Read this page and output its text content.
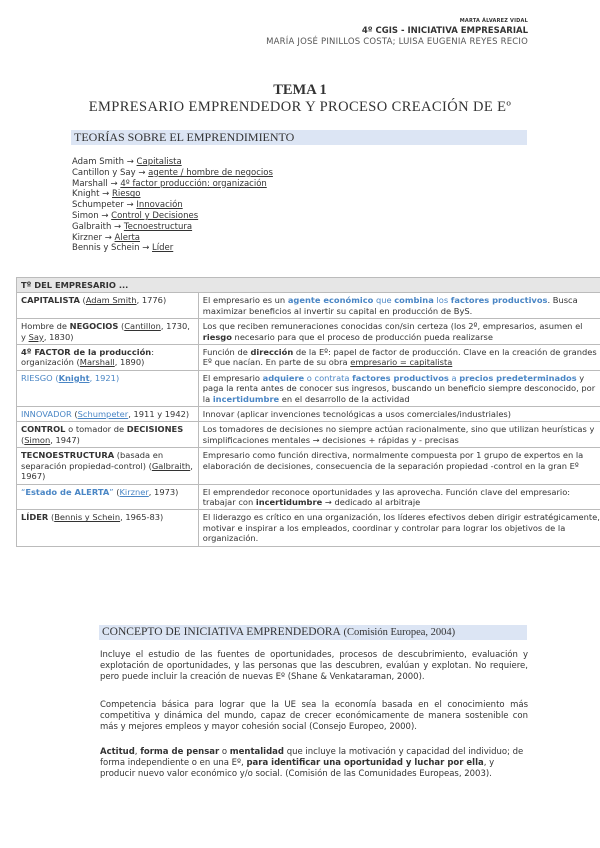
MARTA ÁLVAREZ VIDAL
4º CGIS - INICIATIVA EMPRESARIAL
MARÍA JOSÉ PINILLOS COSTA; LUISA EUGENIA REYES RECIO
TEMA 1
EMPRESARIO EMPRENDEDOR Y PROCESO CREACIÓN DE Eº
TEORÍAS SOBRE EL EMPRENDIMIENTO
Adam Smith → Capitalista
Cantillon y Say → agente / hombre de negocios
Marshall → 4º factor producción: organización
Knight → Riesgo
Schumpeter → Innovación
Simon → Control y Decisiones
Galbraith → Tecnoestructura
Kirzner → Alerta
Bennis y Schein → Líder
Tº DEL EMPRESARIO ...	
CAPITALISTA (Adam Smith, 1776)	El empresario es un agente económico que combina los factores productivos. Busca maximizar beneficios al invertir su capital en producción de ByS.
Hombre de NEGOCIOS (Cantillon, 1730, y Say, 1830)	Los que reciben remuneraciones conocidas con/sin certeza (los 2º, empresarios, asumen el riesgo necesario para que el proceso de producción pueda realizarse
4º FACTOR de la producción: organización (Marshall, 1890)	Función de dirección de la Eº: papel de factor de producción. Clave en la creación de grandes Eº que nacían. En parte de su obra empresario = capitalista
RIESGO (Knight, 1921)	El empresario adquiere o contrata factores productivos a precios predeterminados y paga la renta antes de conocer sus ingresos, buscando un beneficio siempre desconocido, por la incertidumbre en el desarrollo de la actividad
INNOVADOR (Schumpeter, 1911 y 1942)	Innovar (aplicar invenciones tecnológicas a usos comerciales/industriales)
CONTROL o tomador de DECISIONES (Simon, 1947)	Los tomadores de decisiones no siempre actúan racionalmente, sino que utilizan heurísticas y simplificaciones mentales → decisiones + rápidas y - precisas
TECNOESTRUCTURA (basada en separación propiedad-control) (Galbraith, 1967)	Empresario como función directiva, normalmente compuesta por 1 grupo de expertos en la elaboración de decisiones, consecuencia de la separación propiedad -control en la gran Eº
“Estado de ALERTA” (Kirzner, 1973)	El emprendedor reconoce oportunidades y las aprovecha. Función clave del empresario: trabajar con incertidumbre → dedicado al arbitraje
LÍDER (Bennis y Schein, 1965-83)	El liderazgo es crítico en una organización, los líderes efectivos deben dirigir estratégicamente, motivar e inspirar a los empleados, coordinar y controlar para lograr los objetivos de la organización.
CONCEPTO DE INICIATIVA EMPRENDEDORA (Comisión Europea, 2004)
Incluye el estudio de las fuentes de oportunidades, procesos de descubrimiento, evaluación y explotación de oportunidades, y las personas que las descubren, evalúan y explotan. No requiere, pero puede incluir la creación de nuevas Eº (Shane & Venkataraman, 2000).
Competencia básica para lograr que la UE sea la economía basada en el conocimiento más competitiva y dinámica del mundo, capaz de crecer económicamente de manera sostenible con más y mejores empleos y mayor cohesión social (Consejo Europeo, 2000).
Actitud, forma de pensar o mentalidad que incluye la motivación y capacidad del individuo; de forma independiente o en una Eº, para identificar una oportunidad y luchar por ella, y producir nuevo valor económico y/o social. (Comisión de las Comunidades Europeas, 2003).
